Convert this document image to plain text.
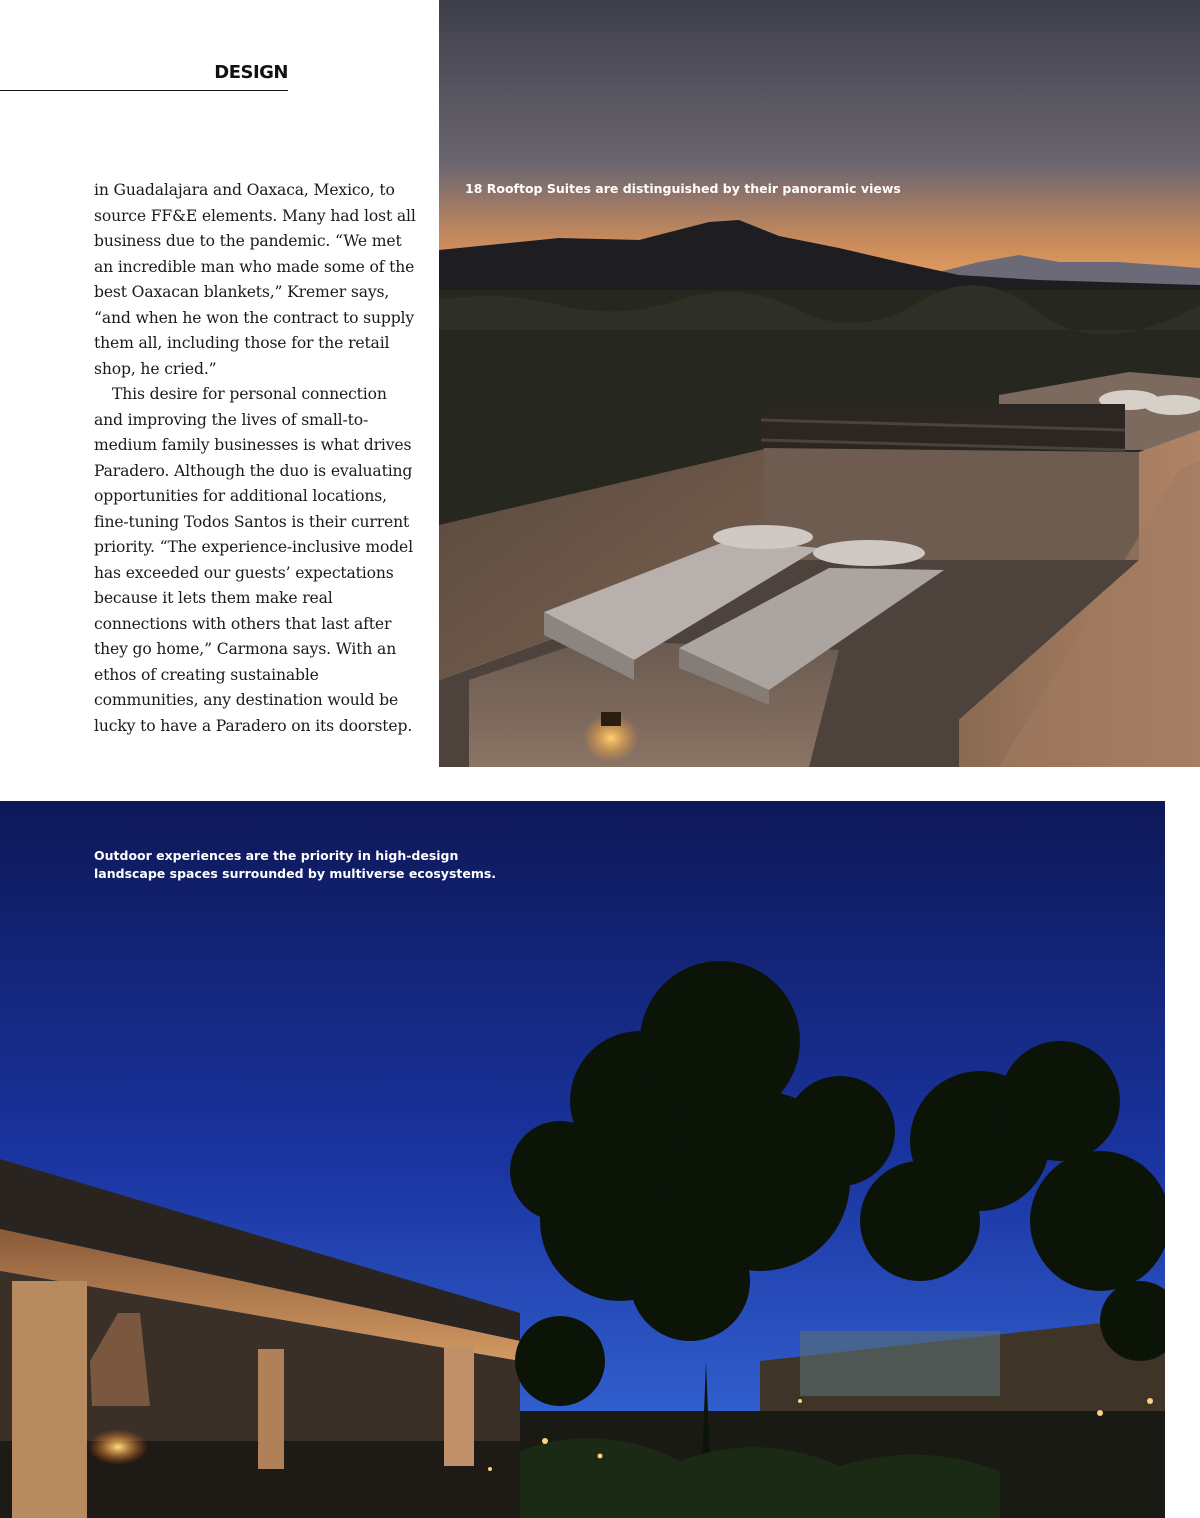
DESIGN

in Guadalajara and Oaxaca, Mexico, to source FF&E elements. Many had lost all business due to the pandemic. “We met an incredible man who made some of the best Oaxacan blankets,” Kremer says, “and when he won the contract to supply them all, including those for the retail shop, he cried.”

This desire for personal connection and improving the lives of small-to-medium family businesses is what drives Paradero. Although the duo is evaluating opportunities for additional locations, fine-tuning Todos Santos is their current priority. “The experience-inclusive model has exceeded our guests’ expectations because it lets them make real connections with others that last after they go home,” Carmona says. With an ethos of creating sustainable communities, any destination would be lucky to have a Paradero on its doorstep.

18 Rooftop Suites are distinguished by their panoramic views
Outdoor experiences are the priority in high-design landscape spaces surrounded by multiverse ecosystems.
